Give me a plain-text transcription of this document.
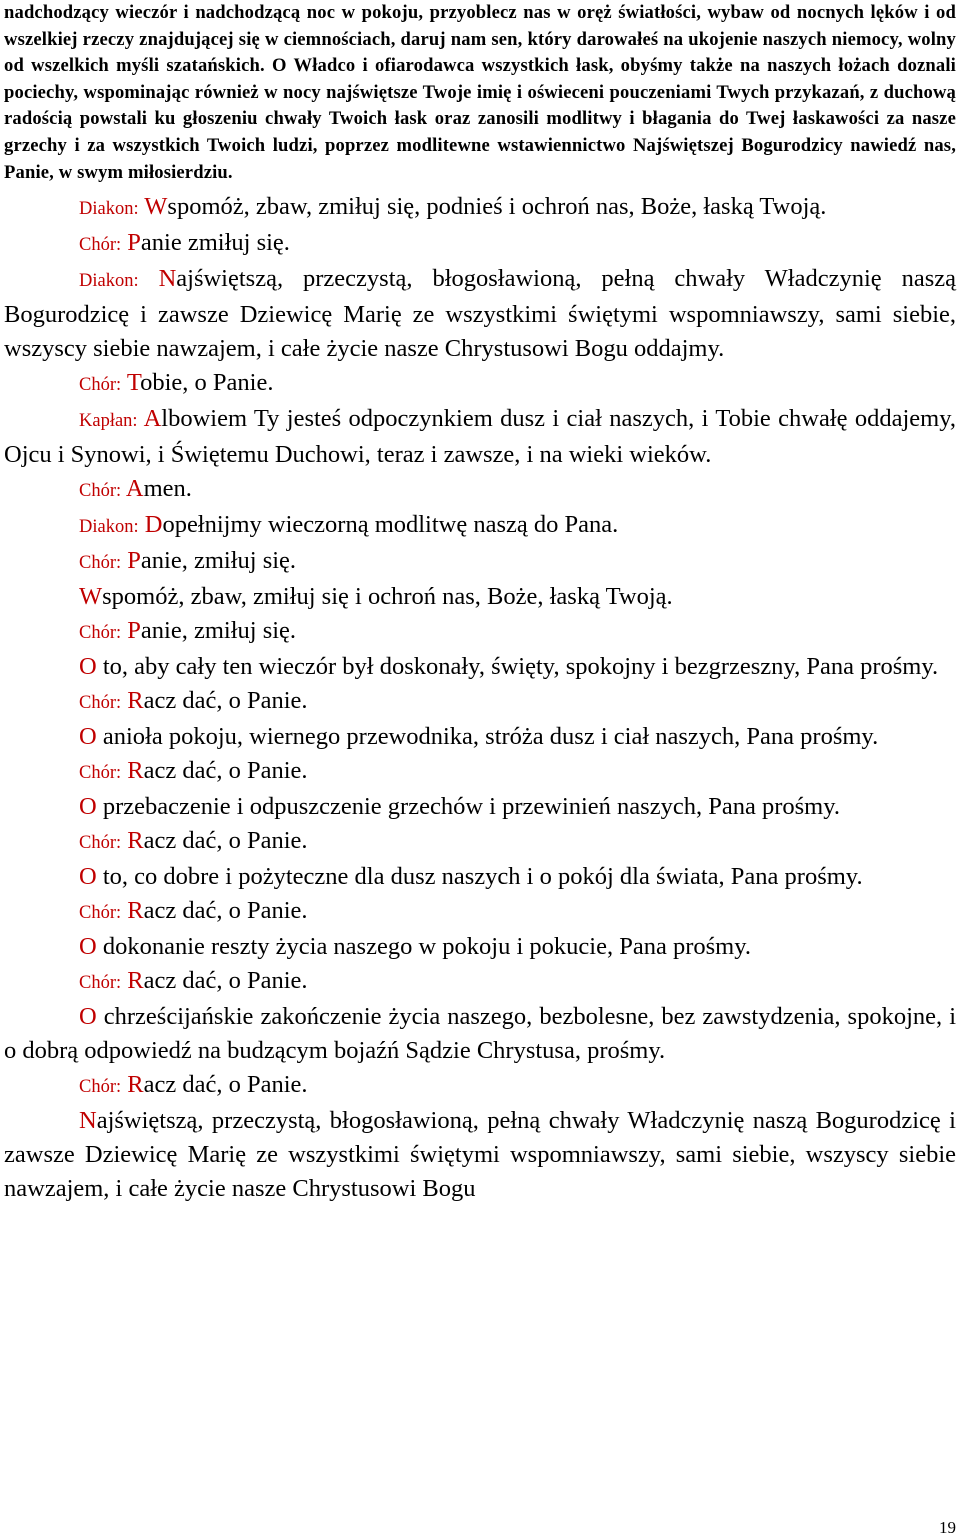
nadchodzący wieczór i nadchodzącą noc w pokoju, przyoblecz nas w oręż światłości, wybaw od nocnych lęków i od wszelkiej rzeczy znajdującej się w ciemnościach, daruj nam sen, który darowałeś na ukojenie naszych niemocy, wolny od wszelkich myśli szatańskich. O Władco i ofiarodawca wszystkich łask, obyśmy także na naszych łożach doznali pociechy, wspominając również w nocy najświętsze Twoje imię i oświeceni pouczeniami Twych przykazań, z duchową radością powstali ku głoszeniu chwały Twoich łask oraz zanosili modlitwy i błagania do Twej łaskawości za nasze grzechy i za wszystkich Twoich ludzi, poprzez modlitewne wstawiennictwo Najświętszej Bogurodzicy nawiedź nas, Panie, w swym miłosierdziu.

Diakon: Wspomóż, zbaw, zmiłuj się, podnieś i ochroń nas, Boże, łaską Twoją.

Chór: Panie zmiłuj się.

Diakon: Najświętszą, przeczystą, błogosławioną, pełną chwały Władczynię naszą Bogurodzicę i zawsze Dziewicę Marię ze wszystkimi świętymi wspomniawszy, sami siebie, wszyscy siebie nawzajem, i całe życie nasze Chrystusowi Bogu oddajmy.

Chór: Tobie, o Panie.

Kapłan: Albowiem Ty jesteś odpoczynkiem dusz i ciał naszych, i Tobie chwałę oddajemy, Ojcu i Synowi, i Świętemu Duchowi, teraz i zawsze, i na wieki wieków.

Chór: Amen.

Diakon: Dopełnijmy wieczorną modlitwę naszą do Pana.

Chór: Panie, zmiłuj się.

Wspomóż, zbaw, zmiłuj się i ochroń nas, Boże, łaską Twoją.

Chór: Panie, zmiłuj się.

O to, aby cały ten wieczór był doskonały, święty, spokojny i bezgrzeszny, Pana prośmy.

Chór: Racz dać, o Panie.

O anioła pokoju, wiernego przewodnika, stróża dusz i ciał naszych, Pana prośmy.

Chór: Racz dać, o Panie.

O przebaczenie i odpuszczenie grzechów i przewinień naszych, Pana prośmy.

Chór: Racz dać, o Panie.

O to, co dobre i pożyteczne dla dusz naszych i o pokój dla świata, Pana prośmy.

Chór: Racz dać, o Panie.

O dokonanie reszty życia naszego w pokoju i pokucie, Pana prośmy.

Chór: Racz dać, o Panie.

O chrześcijańskie zakończenie życia naszego, bezbolesne, bez zawstydzenia, spokojne, i o dobrą odpowiedź na budzącym bojaźń Sądzie Chrystusa, prośmy.

Chór: Racz dać, o Panie.

Najświętszą, przeczystą, błogosławioną, pełną chwały Władczynię naszą Bogurodzicę i zawsze Dziewicę Marię ze wszystkimi świętymi wspomniawszy, sami siebie, wszyscy siebie nawzajem, i całe życie nasze Chrystusowi Bogu

19
